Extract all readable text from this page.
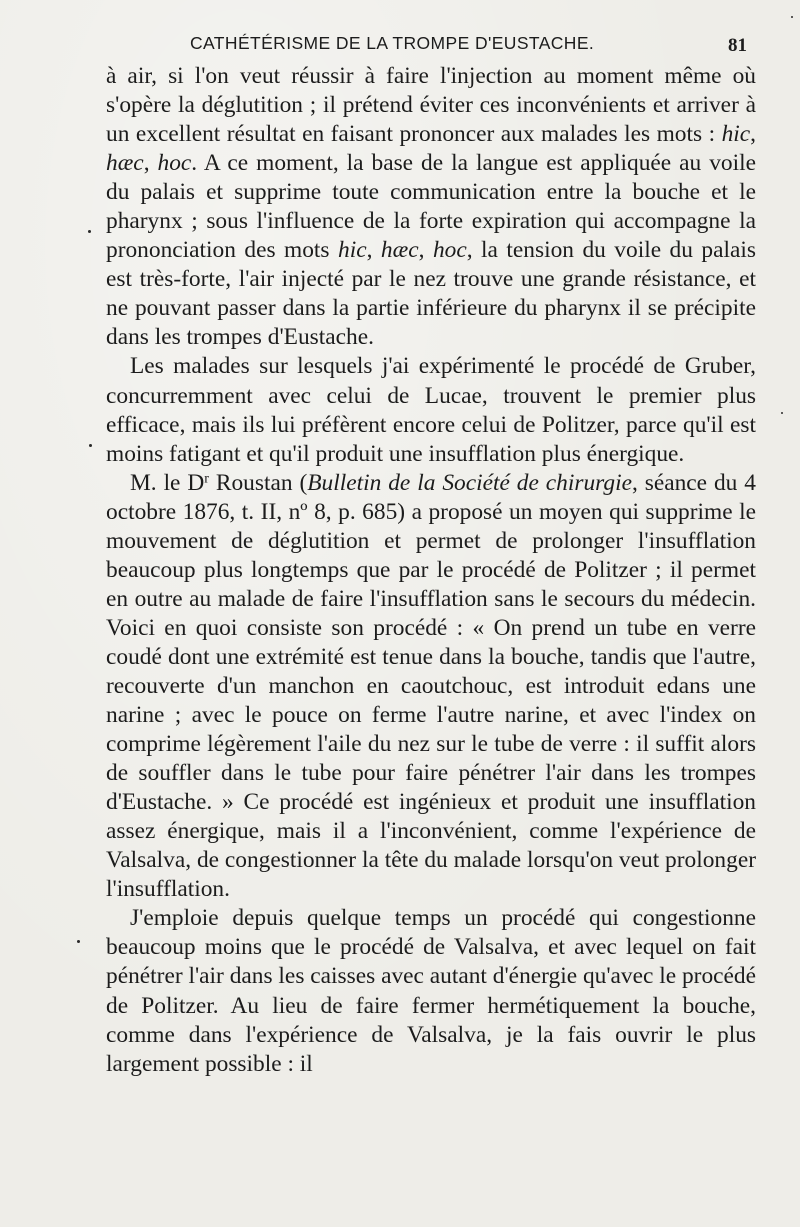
CATHÉTÉRISME DE LA TROMPE D'EUSTACHE.	81

à air, si l'on veut réussir à faire l'injection au moment même où s'opère la déglutition ; il prétend éviter ces inconvénients et arriver à un excellent résultat en faisant prononcer aux malades les mots : hic, hæc, hoc. A ce moment, la base de la langue est appliquée au voile du palais et supprime toute communication entre la bouche et le pharynx ; sous l'influence de la forte expiration qui accompagne la prononciation des mots hic, hæc, hoc, la tension du voile du palais est très-forte, l'air injecté par le nez trouve une grande résistance, et ne pouvant passer dans la partie inférieure du pharynx il se précipite dans les trompes d'Eustache.

Les malades sur lesquels j'ai expérimenté le procédé de Gruber, concurremment avec celui de Lucae, trouvent le premier plus efficace, mais ils lui préfèrent encore celui de Politzer, parce qu'il est moins fatigant et qu'il produit une insufflation plus énergique.

M. le $D^r$ Roustan (Bulletin de la Société de chirurgie, séance du 4 octobre 1876, t. II, nº 8, p. 685) a proposé un moyen qui supprime le mouvement de déglutition et permet de prolonger l'insufflation beaucoup plus longtemps que par le procédé de Politzer ; il permet en outre au malade de faire l'insufflation sans le secours du médecin. Voici en quoi consiste son procédé : « On prend un tube en verre coudé dont une extrémité est tenue dans la bouche, tandis que l'autre, recouverte d'un manchon en caoutchouc, est introduit edans une narine ; avec le pouce on ferme l'autre narine, et avec l'index on comprime légèrement l'aile du nez sur le tube de verre : il suffit alors de souffler dans le tube pour faire pénétrer l'air dans les trompes d'Eustache. » Ce procédé est ingénieux et produit une insufflation assez énergique, mais il a l'inconvénient, comme l'expérience de Valsalva, de congestionner la tête du malade lorsqu'on veut prolonger l'insufflation.

J'emploie depuis quelque temps un procédé qui congestionne beaucoup moins que le procédé de Valsalva, et avec lequel on fait pénétrer l'air dans les caisses avec autant d'énergie qu'avec le procédé de Politzer. Au lieu de faire fermer hermétiquement la bouche, comme dans l'expérience de Valsalva, je la fais ouvrir le plus largement possible : il
